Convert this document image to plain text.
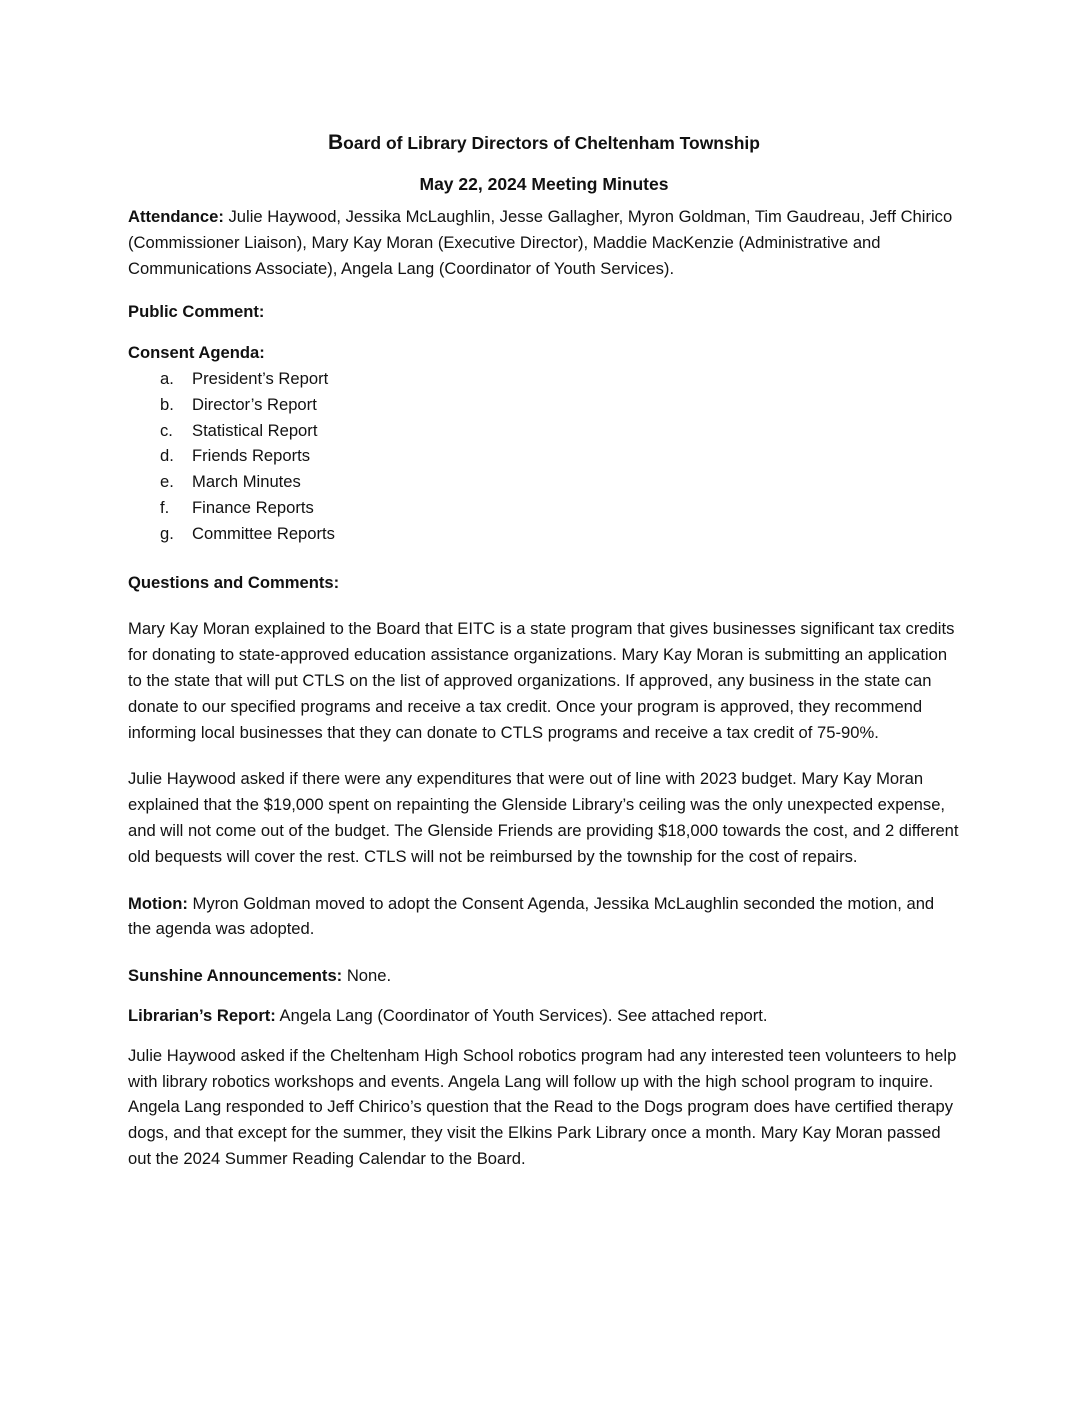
Board of Library Directors of Cheltenham Township
May 22, 2024 Meeting Minutes

Attendance: Julie Haywood, Jessika McLaughlin, Jesse Gallagher, Myron Goldman, Tim Gaudreau, Jeff Chirico (Commissioner Liaison), Mary Kay Moran (Executive Director), Maddie MacKenzie (Administrative and Communications Associate), Angela Lang (Coordinator of Youth Services).

Public Comment:

Consent Agenda:

a.	President’s Report
b.	Director’s Report
c.	Statistical Report
d.	Friends Reports
e.	March Minutes
f.	Finance Reports
g.	Committee Reports

Questions and Comments:

Mary Kay Moran explained to the Board that EITC is a state program that gives businesses significant tax credits for donating to state-approved education assistance organizations. Mary Kay Moran is submitting an application to the state that will put CTLS on the list of approved organizations. If approved, any business in the state can donate to our specified programs and receive a tax credit. Once your program is approved, they recommend informing local businesses that they can donate to CTLS programs and receive a tax credit of 75-90%.

Julie Haywood asked if there were any expenditures that were out of line with 2023 budget. Mary Kay Moran explained that the $19,000 spent on repainting the Glenside Library’s ceiling was the only unexpected expense, and will not come out of the budget. The Glenside Friends are providing $18,000 towards the cost, and 2 different old bequests will cover the rest. CTLS will not be reimbursed by the township for the cost of repairs.

Motion: Myron Goldman moved to adopt the Consent Agenda, Jessika McLaughlin seconded the motion, and the agenda was adopted.

Sunshine Announcements: None.

Librarian’s Report: Angela Lang (Coordinator of Youth Services). See attached report.

Julie Haywood asked if the Cheltenham High School robotics program had any interested teen volunteers to help with library robotics workshops and events. Angela Lang will follow up with the high school program to inquire. Angela Lang responded to Jeff Chirico’s question that the Read to the Dogs program does have certified therapy dogs, and that except for the summer, they visit the Elkins Park Library once a month. Mary Kay Moran passed out the 2024 Summer Reading Calendar to the Board.
